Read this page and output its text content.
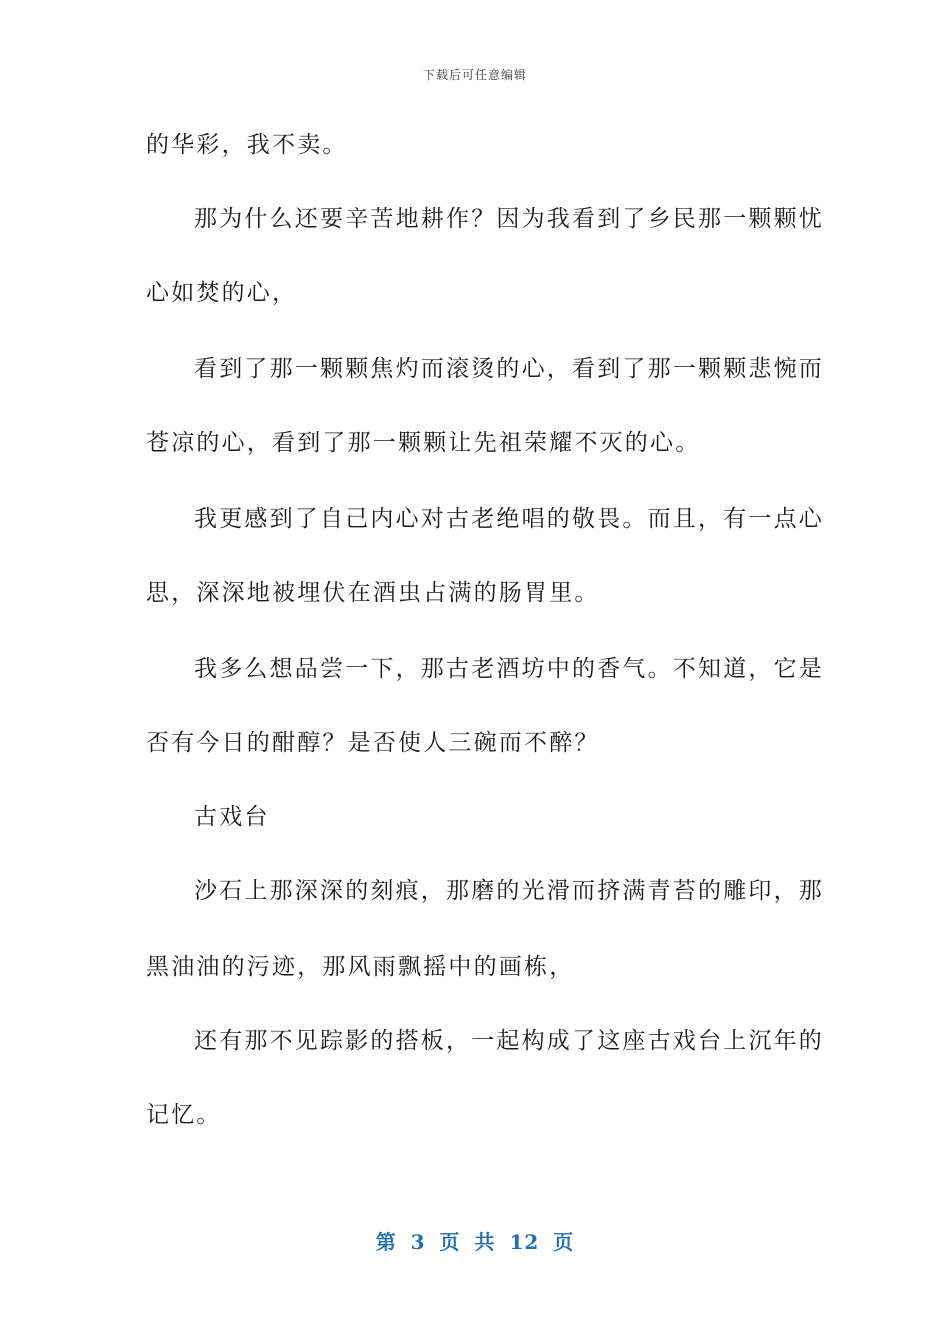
下载后可任意编辑
的华彩，我不卖。
那为什么还要辛苦地耕作？因为我看到了乡民那一颗颗忧
心如焚的心，
看到了那一颗颗焦灼而滚烫的心，看到了那一颗颗悲惋而
苍凉的心，看到了那一颗颗让先祖荣耀不灭的心。
我更感到了自己内心对古老绝唱的敬畏。而且，有一点心
思，深深地被埋伏在酒虫占满的肠胃里。
我多么想品尝一下，那古老酒坊中的香气。不知道，它是
否有今日的酣醇？是否使人三碗而不醉？
古戏台
沙石上那深深的刻痕，那磨的光滑而挤满青苔的雕印，那
黑油油的污迹，那风雨飘摇中的画栋，
还有那不见踪影的搭板，一起构成了这座古戏台上沉年的
记忆。
第 3 页 共 12 页
